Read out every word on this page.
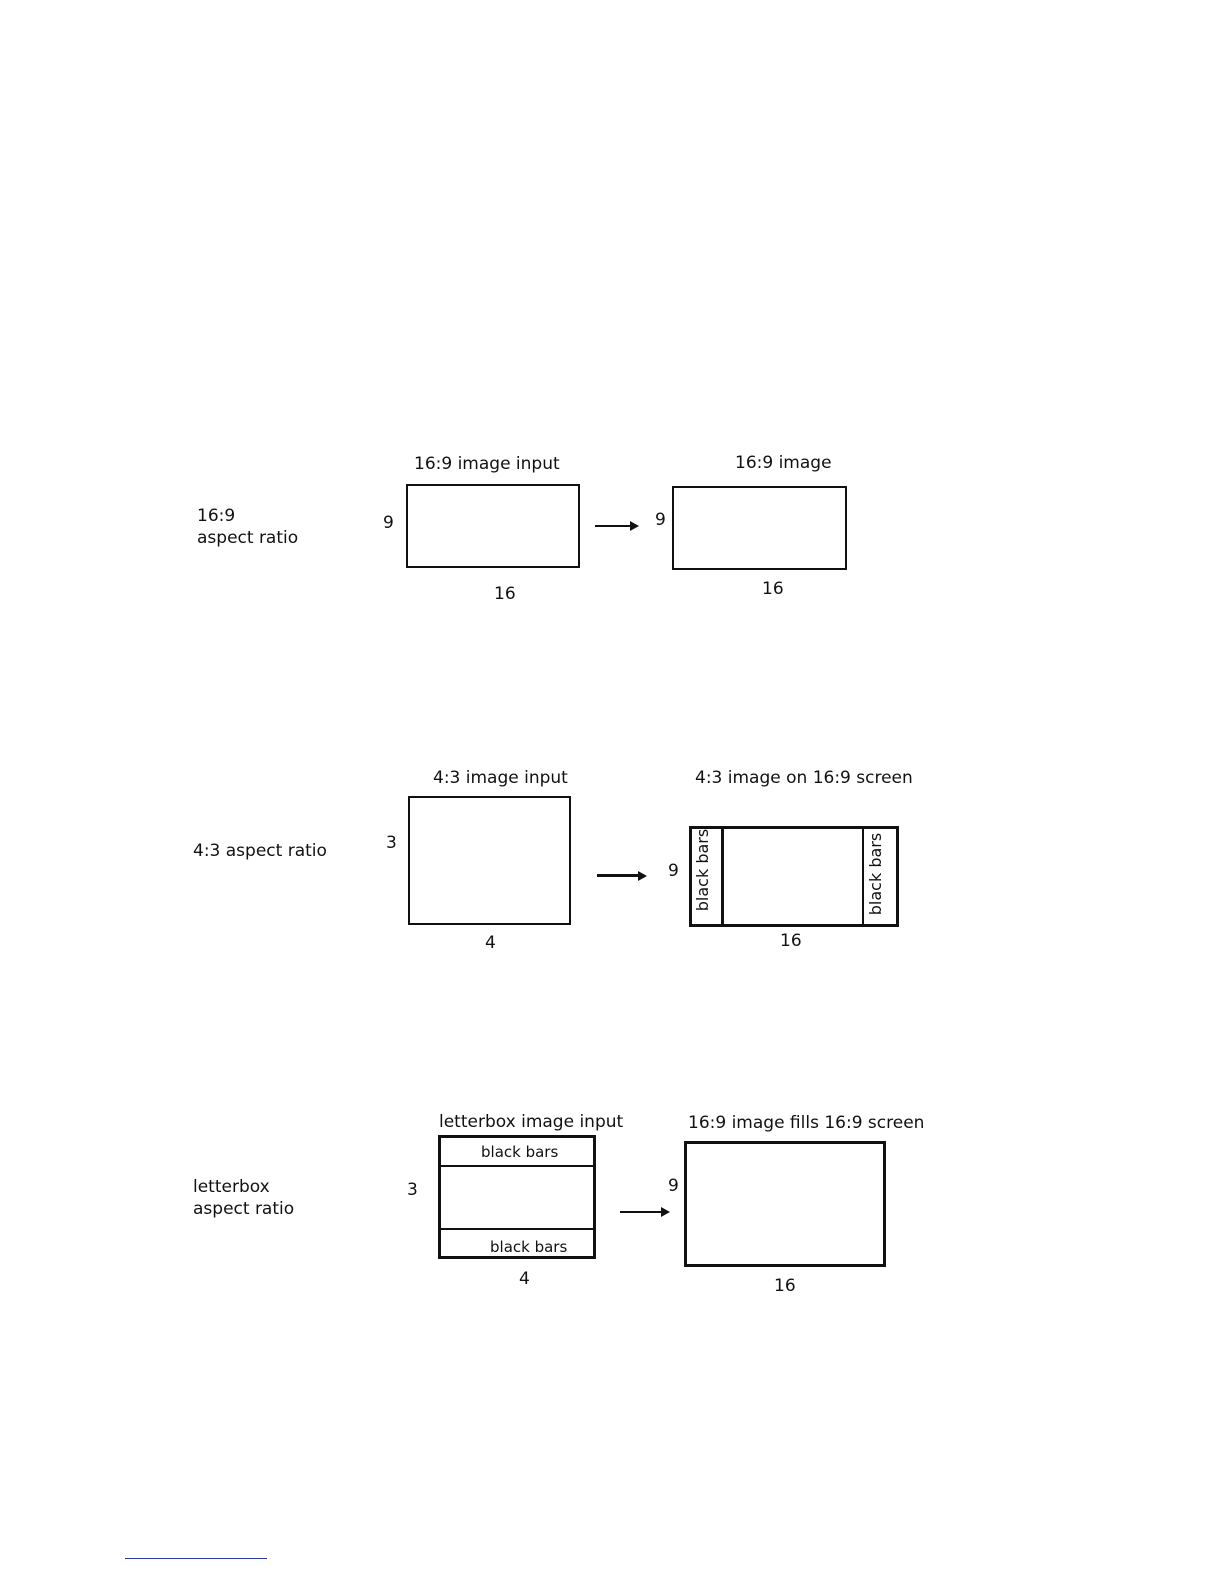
16:9
aspect ratio
16:9 image input
9
16
16:9 image
9
16
4:3 aspect ratio
4:3 image input
3
4
4:3 image on 16:9 screen
9 black bars	black bars
16
letterbox
aspect ratio
letterbox image input
3
black bars
black bars
4
16:9 image fills 16:9 screen
9
16
